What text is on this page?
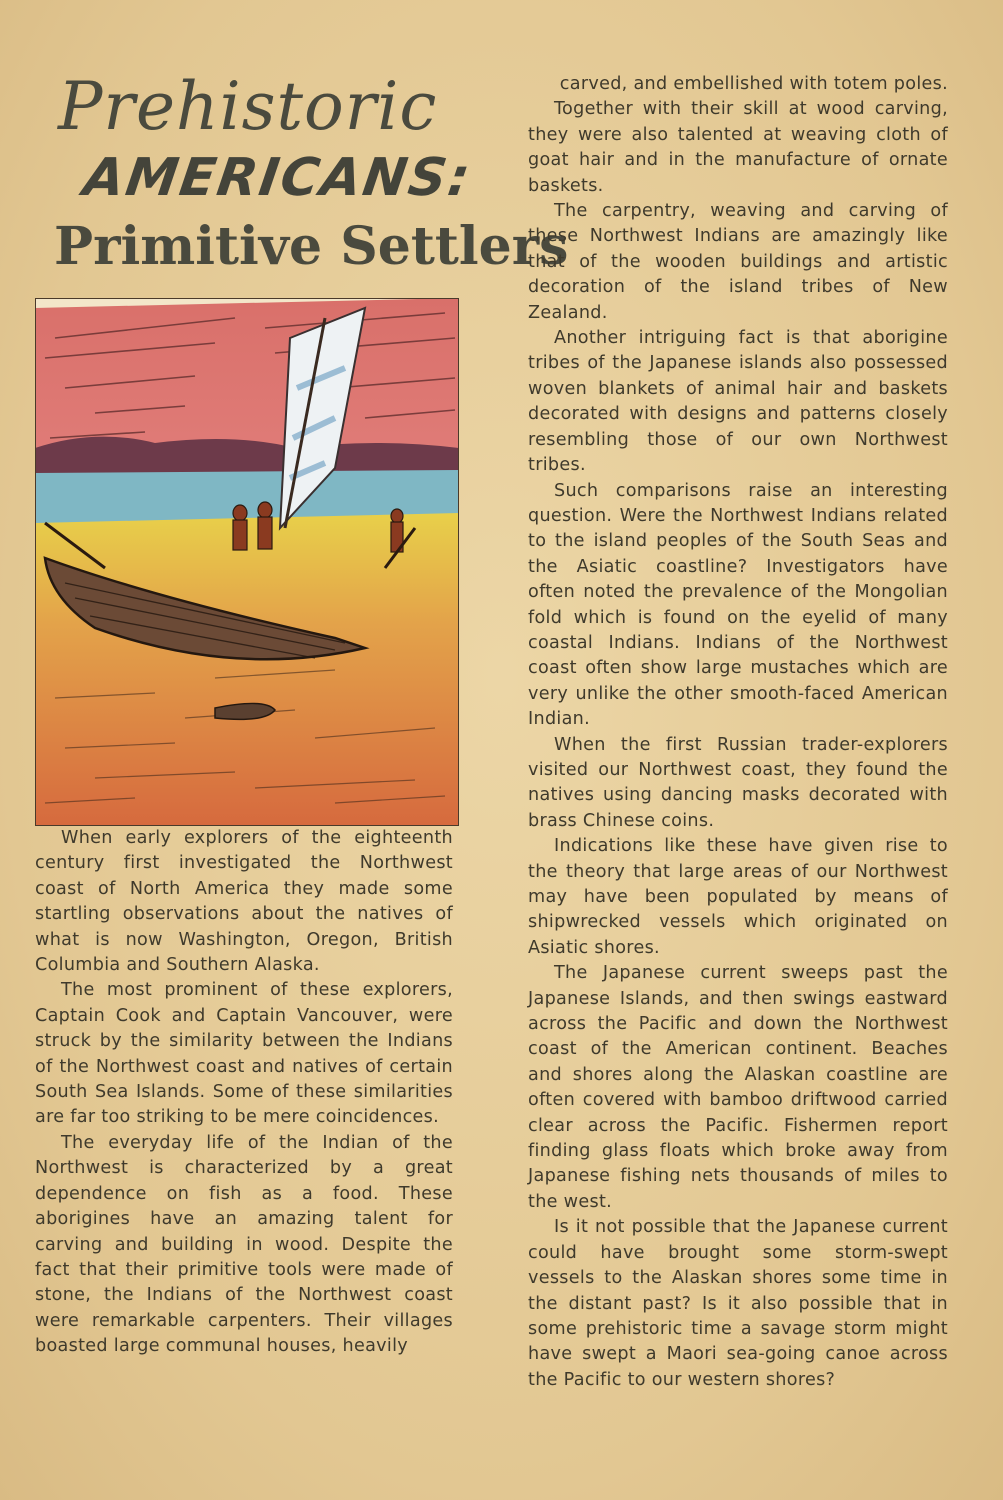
Prehistoric
AMERICANS:
Primitive Settlers

When early explorers of the eighteenth century first investigated the Northwest coast of North America they made some startling observations about the natives of what is now Washington, Oregon, British Columbia and Southern Alaska.

The most prominent of these explorers, Captain Cook and Captain Vancouver, were struck by the similarity between the Indians of the Northwest coast and natives of certain South Sea Islands. Some of these similarities are far too striking to be mere coincidences.

The everyday life of the Indian of the Northwest is characterized by a great dependence on fish as a food. These aborigines have an amazing talent for carving and building in wood. Despite the fact that their primitive tools were made of stone, the Indians of the Northwest coast were remarkable carpenters. Their villages boasted large communal houses, heavily

carved, and embellished with totem poles.

Together with their skill at wood carving, they were also talented at weaving cloth of goat hair and in the manufacture of ornate baskets.

The carpentry, weaving and carving of these Northwest Indians are amazingly like that of the wooden buildings and artistic decoration of the island tribes of New Zealand.

Another intriguing fact is that aborigine tribes of the Japanese islands also possessed woven blankets of animal hair and baskets decorated with designs and patterns closely resembling those of our own Northwest tribes.

Such comparisons raise an interesting question. Were the Northwest Indians related to the island peoples of the South Seas and the Asiatic coastline? Investigators have often noted the prevalence of the Mongolian fold which is found on the eyelid of many coastal Indians. Indians of the Northwest coast often show large mustaches which are very unlike the other smooth-faced American Indian.

When the first Russian trader-explorers visited our Northwest coast, they found the natives using dancing masks decorated with brass Chinese coins.

Indications like these have given rise to the theory that large areas of our Northwest may have been populated by means of shipwrecked vessels which originated on Asiatic shores.

The Japanese current sweeps past the Japanese Islands, and then swings eastward across the Pacific and down the Northwest coast of the American continent. Beaches and shores along the Alaskan coastline are often covered with bamboo driftwood carried clear across the Pacific. Fishermen report finding glass floats which broke away from Japanese fishing nets thousands of miles to the west.

Is it not possible that the Japanese current could have brought some storm-swept vessels to the Alaskan shores some time in the distant past? Is it also possible that in some prehistoric time a savage storm might have swept a Maori sea-going canoe across the Pacific to our western shores?
